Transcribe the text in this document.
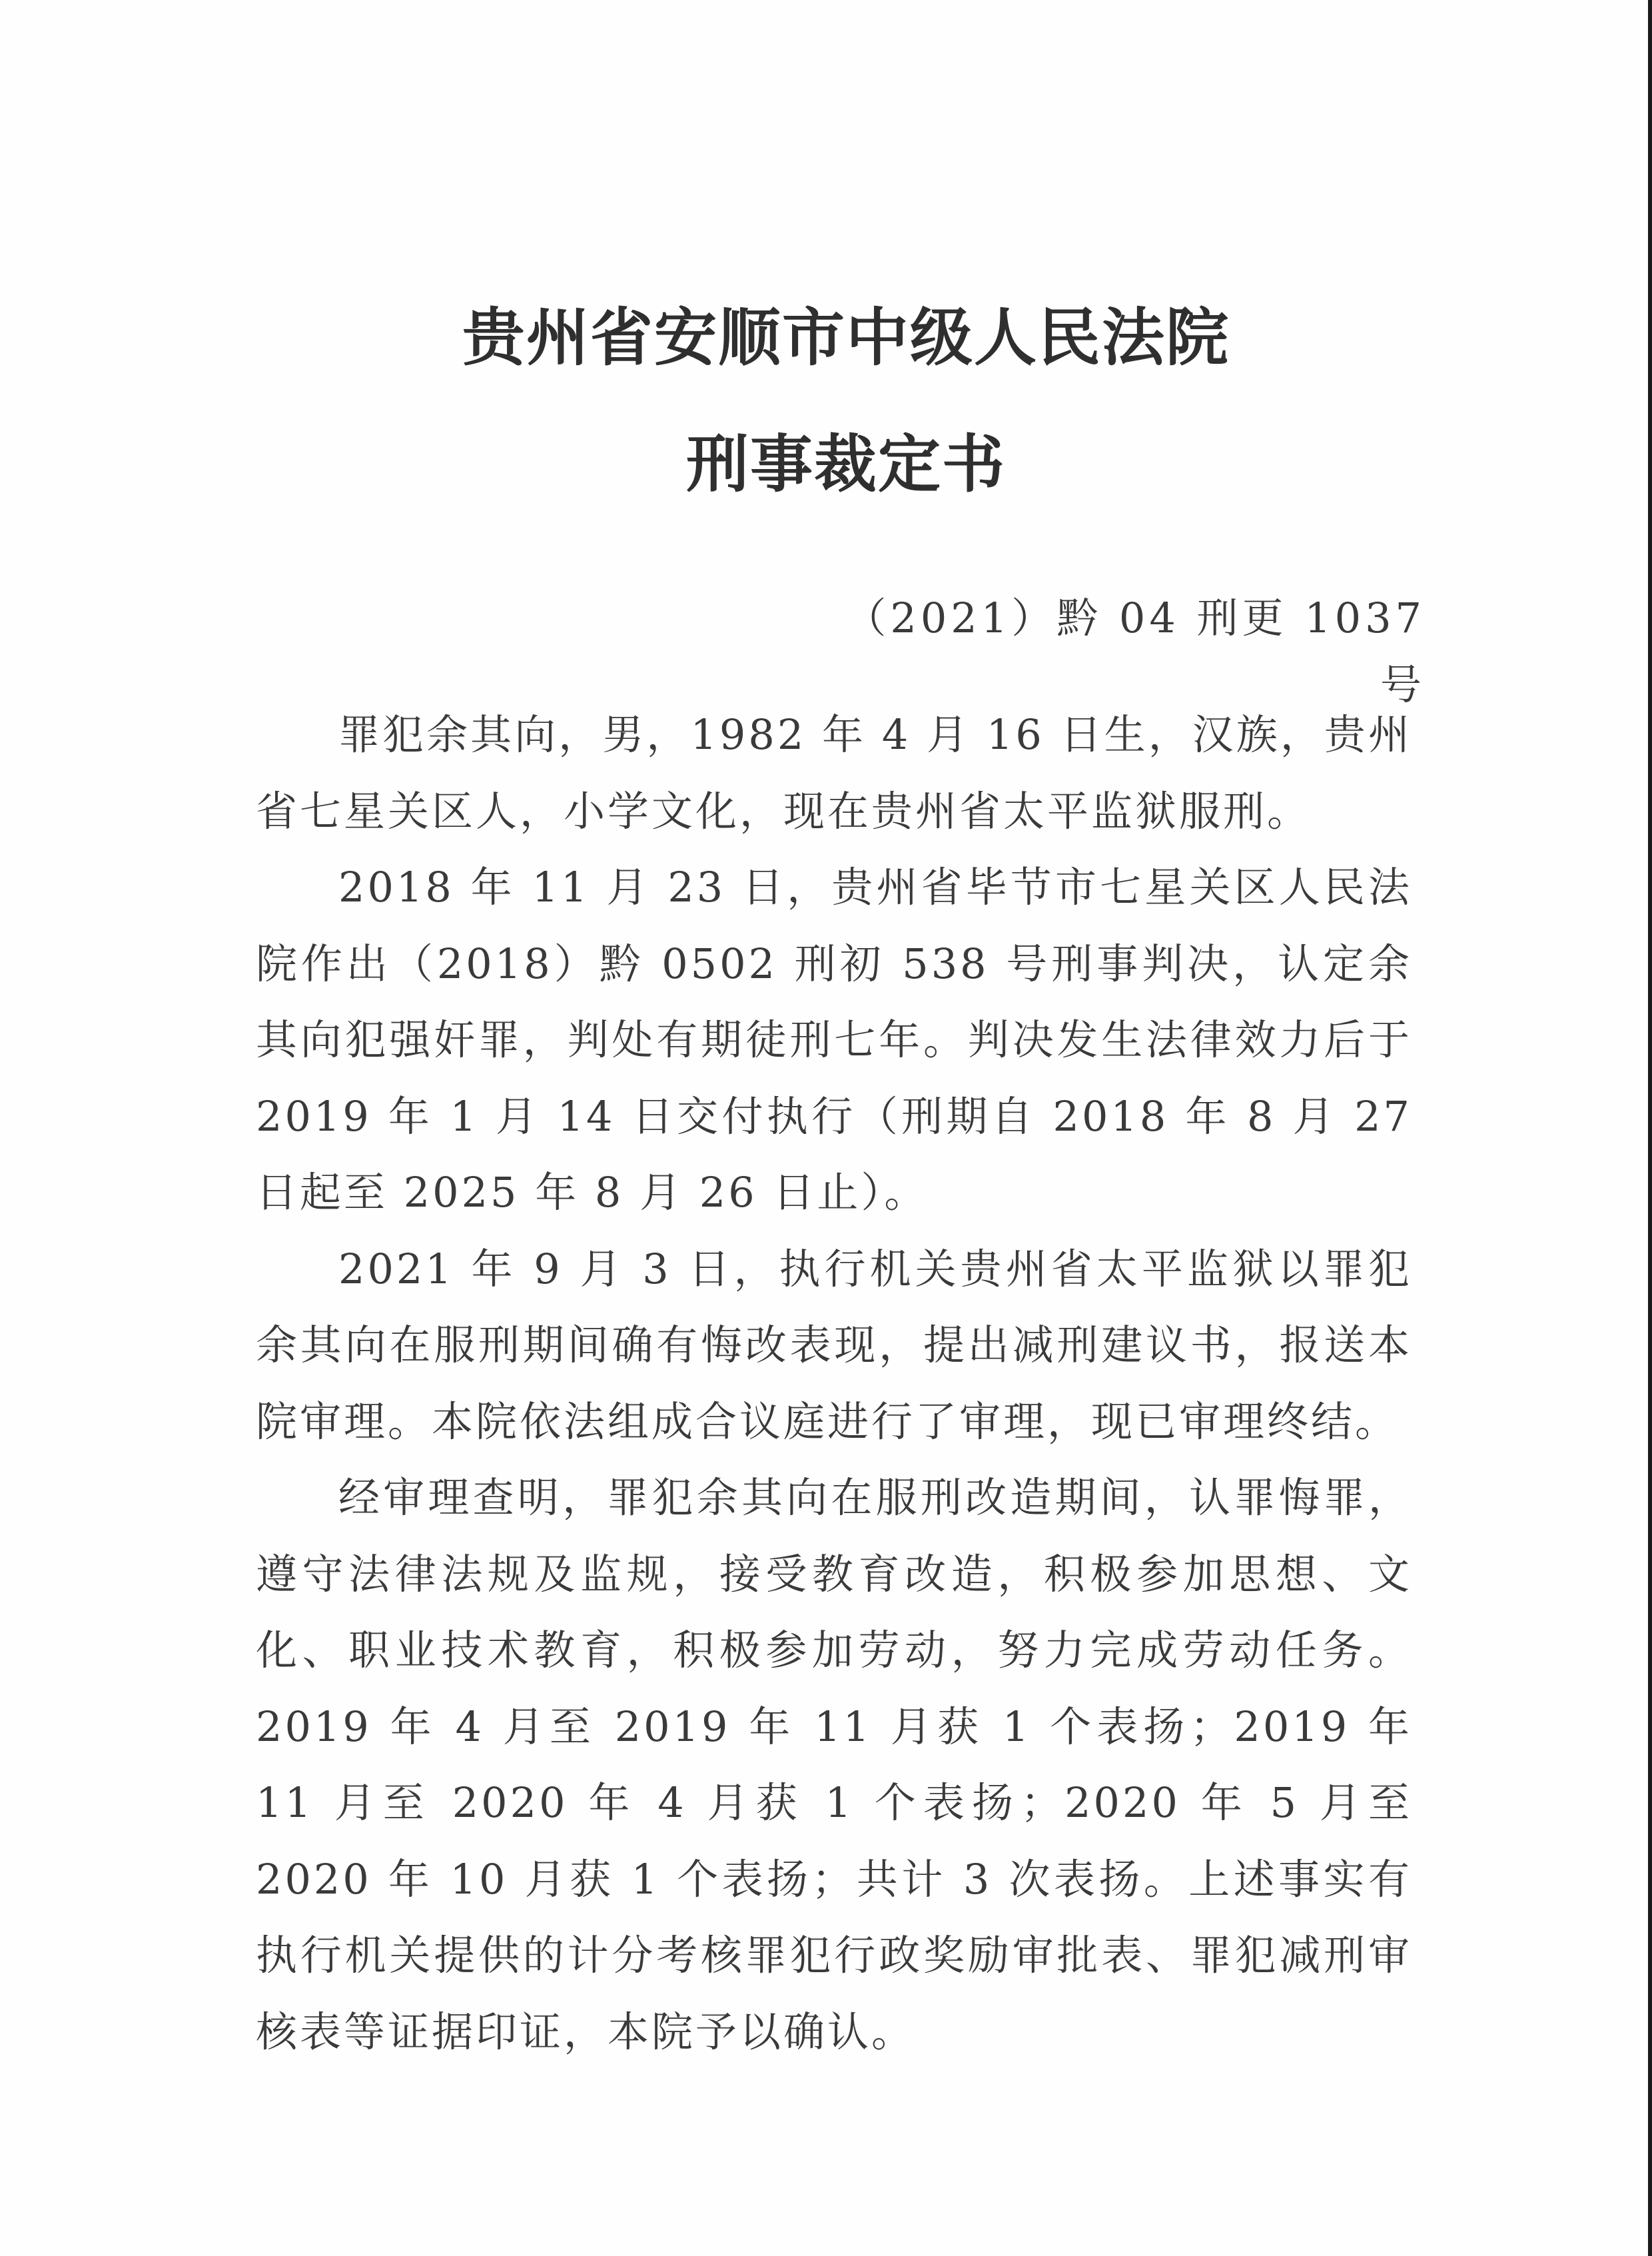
贵州省安顺市中级人民法院
刑事裁定书

（2021）黔 04 刑更 1037 号

罪犯余其向，男，1982 年 4 月 16 日生，汉族，贵州省七星关区人，小学文化，现在贵州省太平监狱服刑。

2018 年 11 月 23 日，贵州省毕节市七星关区人民法院作出（2018）黔 0502 刑初 538 号刑事判决，认定余其向犯强奸罪，判处有期徒刑七年。判决发生法律效力后于 2019 年 1 月 14 日交付执行（刑期自 2018 年 8 月 27 日起至 2025 年 8 月 26 日止）。

2021 年 9 月 3 日，执行机关贵州省太平监狱以罪犯余其向在服刑期间确有悔改表现，提出减刑建议书，报送本院审理。本院依法组成合议庭进行了审理，现已审理终结。

经审理查明，罪犯余其向在服刑改造期间，认罪悔罪，遵守法律法规及监规，接受教育改造，积极参加思想、文化、职业技术教育，积极参加劳动，努力完成劳动任务。2019 年 4 月至 2019 年 11 月获 1 个表扬；2019 年 11 月至 2020 年 4 月获 1 个表扬；2020 年 5 月至 2020 年 10 月获 1 个表扬；共计 3 次表扬。上述事实有执行机关提供的计分考核罪犯行政奖励审批表、罪犯减刑审核表等证据印证，本院予以确认。
